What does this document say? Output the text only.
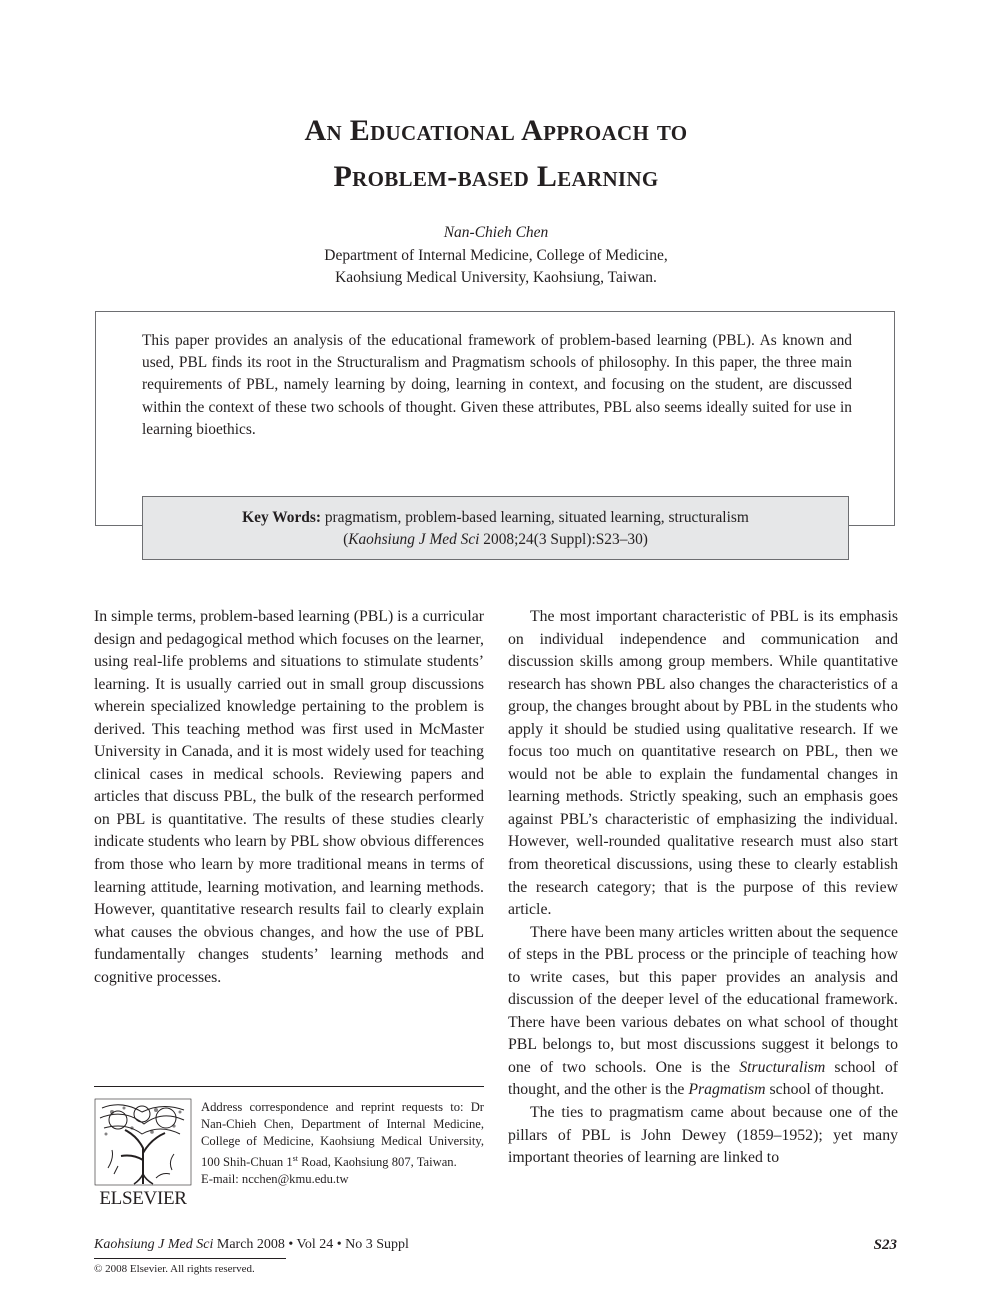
An Educational Approach to
Problem-based Learning
Nan-Chieh Chen
Department of Internal Medicine, College of Medicine,
Kaohsiung Medical University, Kaohsiung, Taiwan.
This paper provides an analysis of the educational framework of problem-based learning (PBL). As known and used, PBL finds its root in the Structuralism and Pragmatism schools of philosophy. In this paper, the three main requirements of PBL, namely learning by doing, learning in context, and focusing on the student, are discussed within the context of these two schools of thought. Given these attributes, PBL also seems ideally suited for use in learning bioethics.
Key Words: pragmatism, problem-based learning, situated learning, structuralism
(Kaohsiung J Med Sci 2008;24(3 Suppl):S23–30)

In simple terms, problem-based learning (PBL) is a curricular design and pedagogical method which focuses on the learner, using real-life problems and situations to stimulate students’ learning. It is usually carried out in small group discussions wherein specialized knowledge pertaining to the problem is derived. This teaching method was first used in McMaster University in Canada, and it is most widely used for teaching clinical cases in medical schools. Reviewing papers and articles that discuss PBL, the bulk of the research performed on PBL is quantitative. The results of these studies clearly indicate students who learn by PBL show obvious differences from those who learn by more traditional means in terms of learning attitude, learning motivation, and learning methods. However, quantitative research results fail to clearly explain what causes the obvious changes, and how the use of PBL fundamentally changes students’ learning methods and cognitive processes.

The most important characteristic of PBL is its emphasis on individual independence and communication and discussion skills among group members. While quantitative research has shown PBL also changes the characteristics of a group, the changes brought about by PBL in the students who apply it should be studied using qualitative research. If we focus too much on quantitative research on PBL, then we would not be able to explain the fundamental changes in learning methods. Strictly speaking, such an emphasis goes against PBL’s characteristic of emphasizing the individual. However, well-rounded qualitative research must also start from theoretical discussions, using these to clearly establish the research category; that is the purpose of this review article.

There have been many articles written about the sequence of steps in the PBL process or the principle of teaching how to write cases, but this paper provides an analysis and discussion of the deeper level of the educational framework. There have been various debates on what school of thought PBL belongs to, but most discussions suggest it belongs to one of two schools. One is the Structuralism school of thought, and the other is the Pragmatism school of thought.

The ties to pragmatism came about because one of the pillars of PBL is John Dewey (1859–1952); yet many important theories of learning are linked to

ELSEVIER

Address correspondence and reprint requests to: Dr Nan-Chieh Chen, Department of Internal Medicine, College of Medicine, Kaohsiung Medical University, 100 Shih-Chuan 1st Road, Kaohsiung 807, Taiwan.

E-mail: ncchen@kmu.edu.tw

Kaohsiung J Med Sci March 2008 • Vol 24 • No 3 Suppl	S23
© 2008 Elsevier. All rights reserved.
